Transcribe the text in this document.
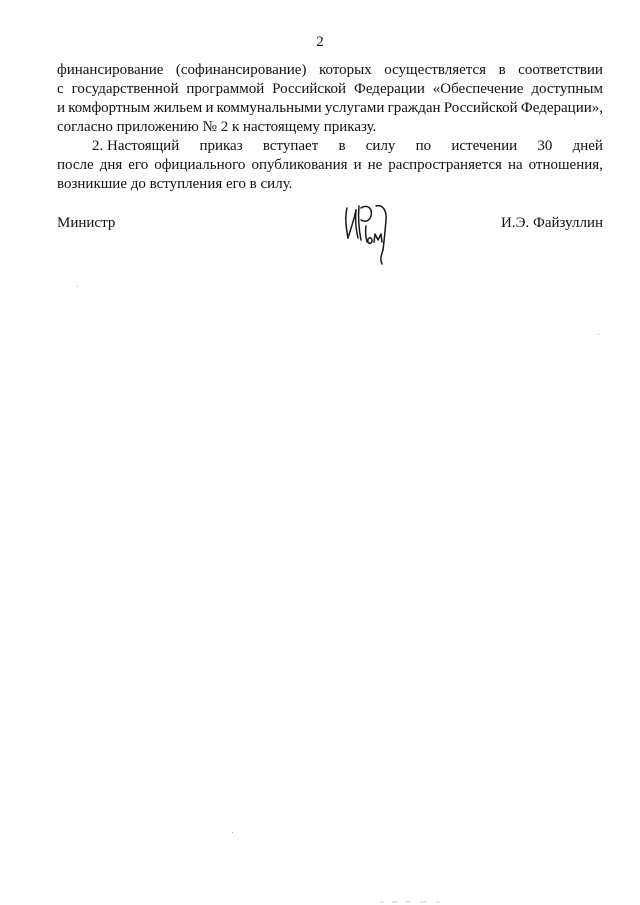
2
финансирование (софинансирование) которых осуществляется в соответствии
с государственной программой Российской Федерации «Обеспечение доступным
и комфортным жильем и коммунальными услугами граждан Российской Федерации»,
согласно приложению № 2 к настоящему приказу.
2. Настоящий приказ вступает в силу по истечении 30 дней
после дня его официального опубликования и не распространяется на отношения,
возникшие до вступления его в силу.
Министр	И.Э. Файзуллин
